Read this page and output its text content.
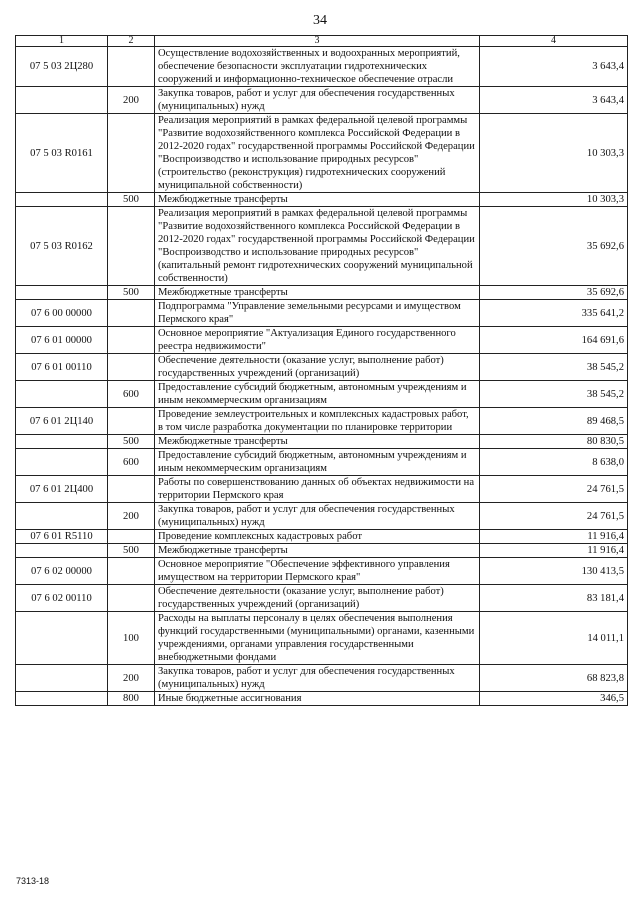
34
1	2	3	4
07 5 03 2Ц280		Осуществление водохозяйственных и водоохранных мероприятий, обеспечение безопасности эксплуатации гидротехнических сооружений и информационно-техническое обеспечение отрасли	3 643,4
	200	Закупка товаров, работ и услуг для обеспечения государственных (муниципальных) нужд	3 643,4
07 5 03 R0161		Реализация мероприятий в рамках федеральной целевой программы "Развитие водохозяйственного комплекса Российской Федерации в 2012-2020 годах" государственной программы Российской Федерации "Воспроизводство и использование природных ресурсов" (строительство (реконструкция) гидротехнических сооружений муниципальной собственности)	10 303,3
	500	Межбюджетные трансферты	10 303,3
07 5 03 R0162		Реализация мероприятий в рамках федеральной целевой программы "Развитие водохозяйственного комплекса Российской Федерации в 2012-2020 годах" государственной программы Российской Федерации "Воспроизводство и использование природных ресурсов" (капитальный ремонт гидротехнических сооружений муниципальной собственности)	35 692,6
	500	Межбюджетные трансферты	35 692,6
07 6 00 00000		Подпрограмма "Управление земельными ресурсами и имуществом Пермского края"	335 641,2
07 6 01 00000		Основное мероприятие "Актуализация Единого государственного реестра недвижимости"	164 691,6
07 6 01 00110		Обеспечение деятельности (оказание услуг, выполнение работ) государственных учреждений (организаций)	38 545,2
	600	Предоставление субсидий бюджетным, автономным учреждениям и иным некоммерческим организациям	38 545,2
07 6 01 2Ц140		Проведение землеустроительных и комплексных кадастровых работ, в том числе разработка документации по планировке территории	89 468,5
	500	Межбюджетные трансферты	80 830,5
	600	Предоставление субсидий бюджетным, автономным учреждениям и иным некоммерческим организациям	8 638,0
07 6 01 2Ц400		Работы по совершенствованию данных об объектах недвижимости на территории Пермского края	24 761,5
	200	Закупка товаров, работ и услуг для обеспечения государственных (муниципальных) нужд	24 761,5
07 6 01 R5110		Проведение комплексных кадастровых работ	11 916,4
	500	Межбюджетные трансферты	11 916,4
07 6 02 00000		Основное мероприятие "Обеспечение эффективного управления имуществом на территории Пермского края"	130 413,5
07 6 02 00110		Обеспечение деятельности (оказание услуг, выполнение работ) государственных учреждений (организаций)	83 181,4
	100	Расходы на выплаты персоналу в целях обеспечения выполнения функций государственными (муниципальными) органами, казенными учреждениями, органами управления государственными внебюджетными фондами	14 011,1
	200	Закупка товаров, работ и услуг для обеспечения государственных (муниципальных) нужд	68 823,8
	800	Иные бюджетные ассигнования	346,5
7313-18
